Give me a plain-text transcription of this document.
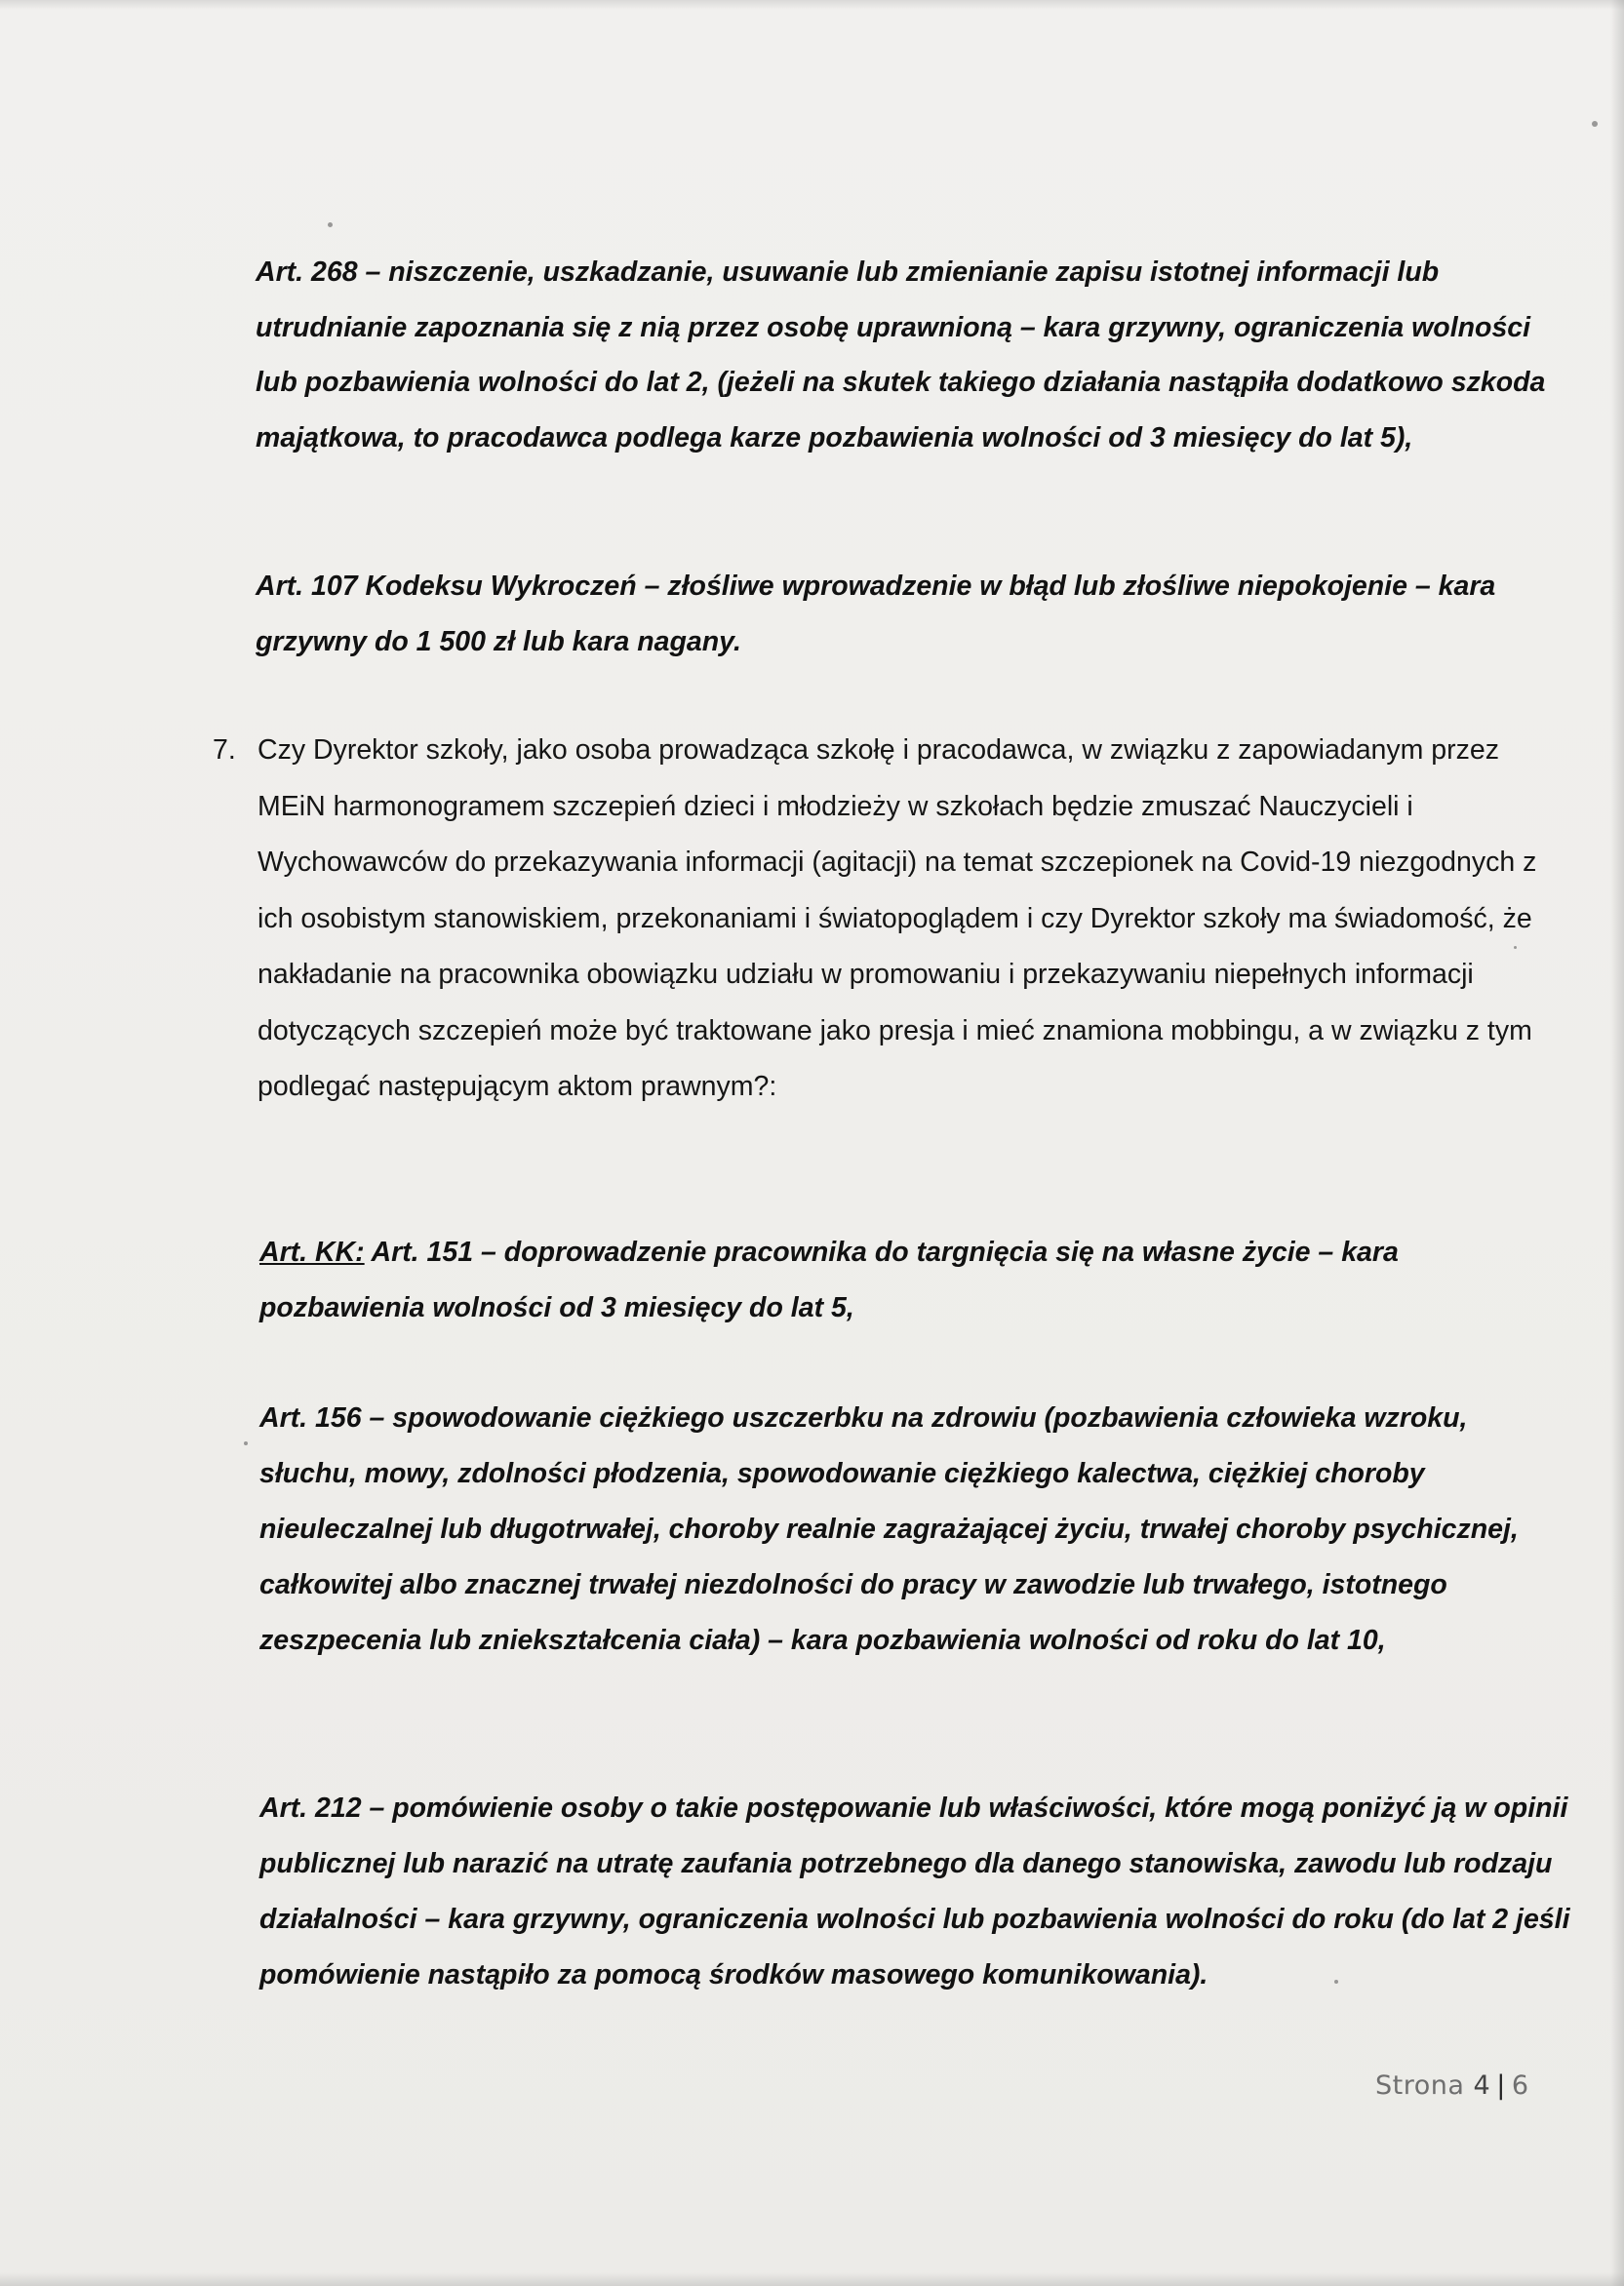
Art. 268 – niszczenie, uszkadzanie, usuwanie lub zmienianie zapisu istotnej informacji lub utrudnianie zapoznania się z nią przez osobę uprawnioną – kara grzywny, ograniczenia wolności lub pozbawienia wolności do lat 2, (jeżeli na skutek takiego działania nastąpiła dodatkowo szkoda majątkowa, to pracodawca podlega karze pozbawienia wolności od 3 miesięcy do lat 5),

Art. 107 Kodeksu Wykroczeń – złośliwe wprowadzenie w błąd lub złośliwe niepokojenie – kara grzywny do 1 500 zł lub kara nagany.

7. Czy Dyrektor szkoły, jako osoba prowadząca szkołę i pracodawca, w związku z zapowiadanym przez MEiN harmonogramem szczepień dzieci i młodzieży w szkołach będzie zmuszać Nauczycieli i Wychowawców do przekazywania informacji (agitacji) na temat szczepionek na Covid-19 niezgodnych z ich osobistym stanowiskiem, przekonaniami i światopoglądem i czy Dyrektor szkoły ma świadomość, że nakładanie na pracownika obowiązku udziału w promowaniu i przekazywaniu niepełnych informacji dotyczących szczepień może być traktowane jako presja i mieć znamiona mobbingu, a w związku z tym podlegać następującym aktom prawnym?:

Art. KK: Art. 151 – doprowadzenie pracownika do targnięcia się na własne życie – kara pozbawienia wolności od 3 miesięcy do lat 5,

Art. 156 – spowodowanie ciężkiego uszczerbku na zdrowiu (pozbawienia człowieka wzroku, słuchu, mowy, zdolności płodzenia, spowodowanie ciężkiego kalectwa, ciężkiej choroby nieuleczalnej lub długotrwałej, choroby realnie zagrażającej życiu, trwałej choroby psychicznej, całkowitej albo znacznej trwałej niezdolności do pracy w zawodzie lub trwałego, istotnego zeszpecenia lub zniekształcenia ciała) – kara pozbawienia wolności od roku do lat 10,

Art. 212 – pomówienie osoby o takie postępowanie lub właściwości, które mogą poniżyć ją w opinii publicznej lub narazić na utratę zaufania potrzebnego dla danego stanowiska, zawodu lub rodzaju działalności – kara grzywny, ograniczenia wolności lub pozbawienia wolności do roku (do lat 2 jeśli pomówienie nastąpiło za pomocą środków masowego komunikowania).

Strona 4 | 6
